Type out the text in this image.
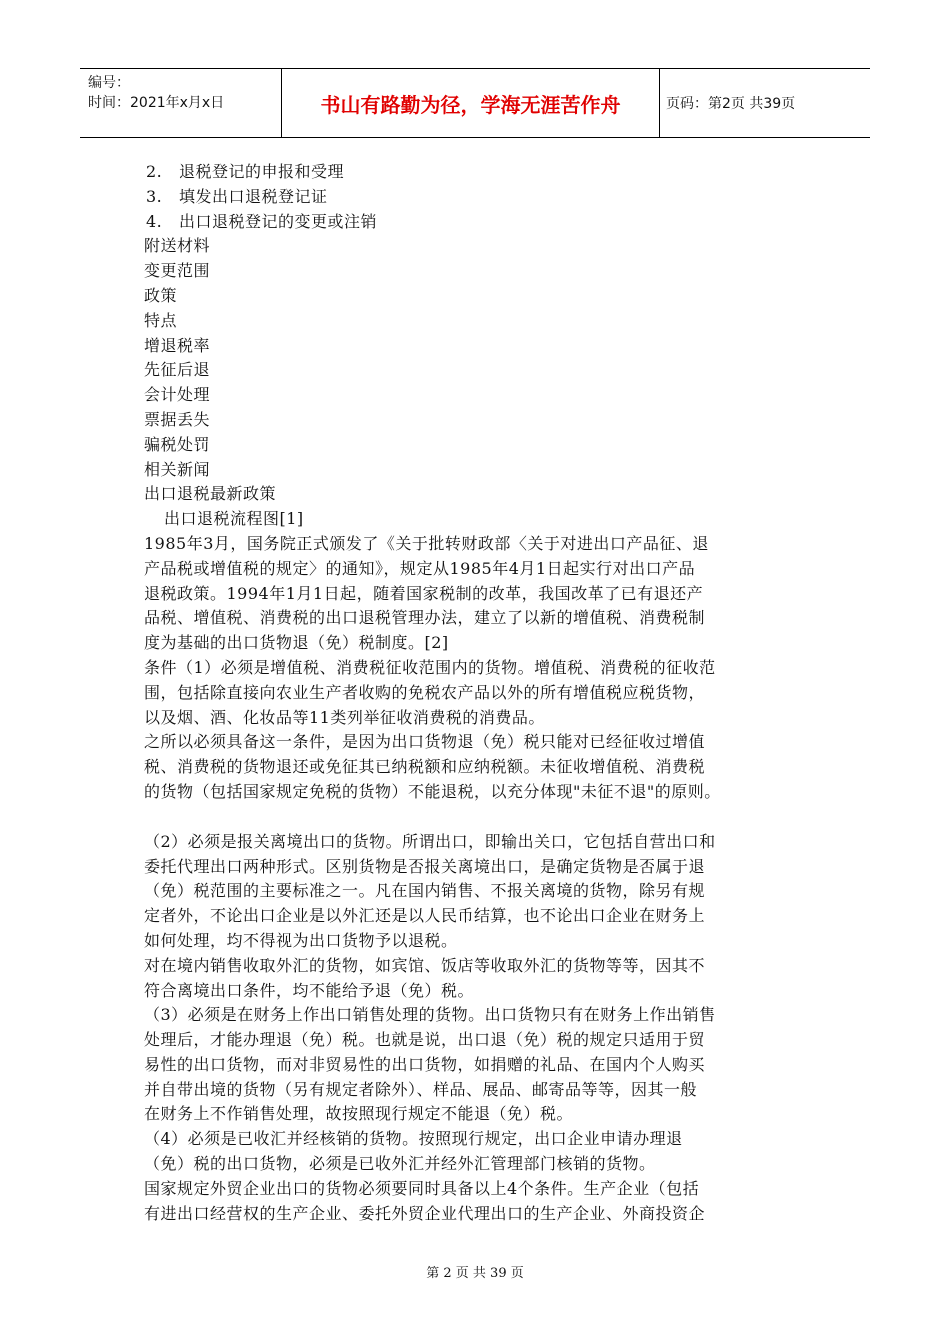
编号：
时间：2021年x月x日	书山有路勤为径，学海无涯苦作舟	页码：第2页 共39页

2.   退税登记的申报和受理

3.   填发出口退税登记证

4.   出口退税登记的变更或注销

附送材料

变更范围

政策

特点

增退税率

先征后退

会计处理

票据丢失

骗税处罚

相关新闻

出口退税最新政策

出口退税流程图[1]

1985年3月，国务院正式颁发了《关于批转财政部〈关于对进出口产品征、退

产品税或增值税的规定〉的通知》，规定从1985年4月1日起实行对出口产品

退税政策。1994年1月1日起，随着国家税制的改革，我国改革了已有退还产

品税、增值税、消费税的出口退税管理办法，建立了以新的增值税、消费税制

度为基础的出口货物退（免）税制度。[2]

条件（1）必须是增值税、消费税征收范围内的货物。增值税、消费税的征收范

围，包括除直接向农业生产者收购的免税农产品以外的所有增值税应税货物，

以及烟、酒、化妆品等11类列举征收消费税的消费品。

之所以必须具备这一条件，是因为出口货物退（免）税只能对已经征收过增值

税、消费税的货物退还或免征其已纳税额和应纳税额。未征收增值税、消费税

的货物（包括国家规定免税的货物）不能退税，以充分体现"未征不退"的原则。

（2）必须是报关离境出口的货物。所谓出口，即输出关口，它包括自营出口和

委托代理出口两种形式。区别货物是否报关离境出口，是确定货物是否属于退

（免）税范围的主要标准之一。凡在国内销售、不报关离境的货物，除另有规

定者外，不论出口企业是以外汇还是以人民币结算，也不论出口企业在财务上

如何处理，均不得视为出口货物予以退税。

对在境内销售收取外汇的货物，如宾馆、饭店等收取外汇的货物等等，因其不

符合离境出口条件，均不能给予退（免）税。

（3）必须是在财务上作出口销售处理的货物。出口货物只有在财务上作出销售

处理后，才能办理退（免）税。也就是说，出口退（免）税的规定只适用于贸

易性的出口货物，而对非贸易性的出口货物，如捐赠的礼品、在国内个人购买

并自带出境的货物（另有规定者除外）、样品、展品、邮寄品等等，因其一般

在财务上不作销售处理，故按照现行规定不能退（免）税。

（4）必须是已收汇并经核销的货物。按照现行规定，出口企业申请办理退

（免）税的出口货物，必须是已收外汇并经外汇管理部门核销的货物。

国家规定外贸企业出口的货物必须要同时具备以上4个条件。生产企业（包括

有进出口经营权的生产企业、委托外贸企业代理出口的生产企业、外商投资企

第 2 页 共 39 页
